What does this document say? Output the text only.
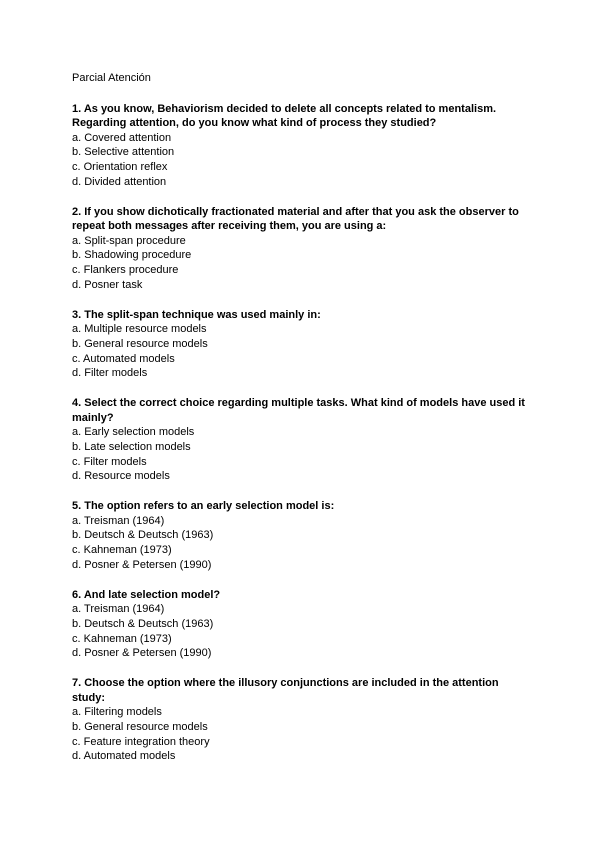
Parcial Atención

1. As you know, Behaviorism decided to delete all concepts related to mentalism. Regarding attention, do you know what kind of process they studied?

a. Covered attention
b. Selective attention
c. Orientation reflex
d. Divided attention

2. If you show dichotically fractionated material and after that you ask the observer to repeat both messages after receiving them, you are using a:

a. Split-span procedure
b. Shadowing procedure
c. Flankers procedure
d. Posner task

3. The split-span technique was used mainly in:

a. Multiple resource models
b. General resource models
c. Automated models
d. Filter models

4. Select the correct choice regarding multiple tasks. What kind of models have used it mainly?

a. Early selection models
b. Late selection models
c. Filter models
d. Resource models

5. The option refers to an early selection model is:

a. Treisman (1964)
b. Deutsch & Deutsch (1963)
c. Kahneman (1973)
d. Posner & Petersen (1990)

6. And late selection model?

a. Treisman (1964)
b. Deutsch & Deutsch (1963)
c. Kahneman (1973)
d. Posner & Petersen (1990)

7. Choose the option where the illusory conjunctions are included in the attention study:

a. Filtering models
b. General resource models
c. Feature integration theory
d. Automated models
